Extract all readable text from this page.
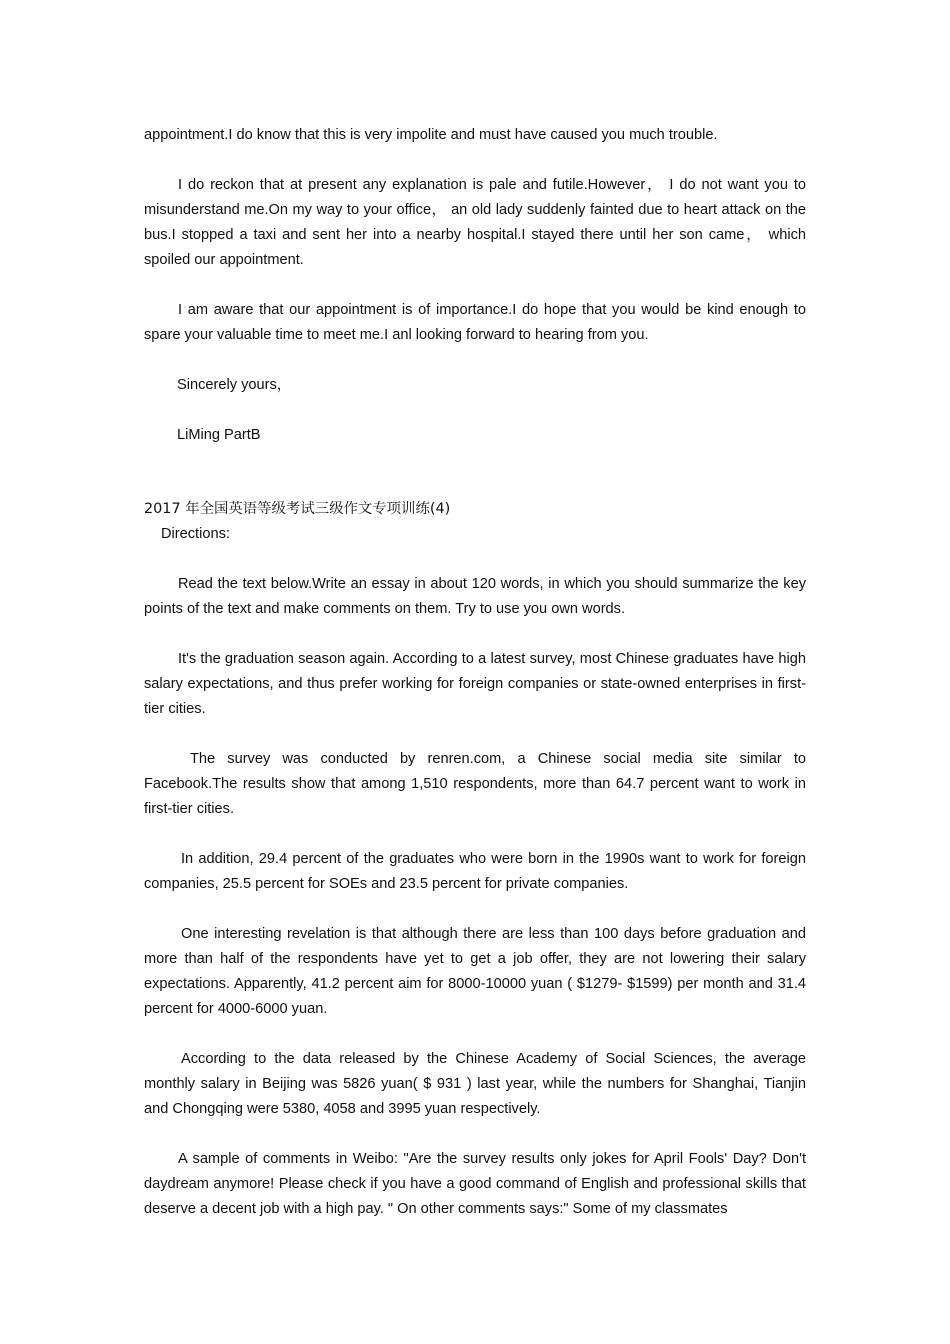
appointment.I do know that this is very impolite and must have caused you much trouble.

I do reckon that at present any explanation is pale and futile.However， I do not want you to misunderstand me.On my way to your office， an old lady suddenly fainted due to heart attack on the bus.I stopped a taxi and sent her into a nearby hospital.I stayed there until her son came， which spoiled our appointment.

I am aware that our appointment is of importance.I do hope that you would be kind enough to spare your valuable time to meet me.I anl looking forward to hearing from you.

Sincerely yours，

LiMing PartB

2017 年全国英语等级考试三级作文专项训练(4)

Directions:

Read the text below.Write an essay in about 120 words, in which you should summarize the key points of the text and make comments on them. Try to use you own words.

It's the graduation season again. According to a latest survey, most Chinese graduates have high salary expectations, and thus prefer working for foreign companies or state-owned enterprises in first-tier cities.

The survey was conducted by renren.com, a Chinese social media site similar to Facebook.The results show that among 1,510 respondents, more than 64.7 percent want to work in first-tier cities.

In addition, 29.4 percent of the graduates who were born in the 1990s want to work for foreign companies, 25.5 percent for SOEs and 23.5 percent for private companies.

One interesting revelation is that although there are less than 100 days before graduation and more than half of the respondents have yet to get a job offer, they are not lowering their salary expectations. Apparently, 41.2 percent aim for 8000-10000 yuan ( $1279- $1599) per month and 31.4 percent for 4000-6000 yuan.

According to the data released by the Chinese Academy of Social Sciences, the average monthly salary in Beijing was 5826 yuan( $ 931 ) last year, while the numbers for Shanghai, Tianjin and Chongqing were 5380, 4058 and 3995 yuan respectively.

A sample of comments in Weibo: "Are the survey results only jokes for April Fools' Day? Don't daydream anymore! Please check if you have a good command of English and professional skills that deserve a decent job with a high pay. " On other comments says:" Some of my classmates
